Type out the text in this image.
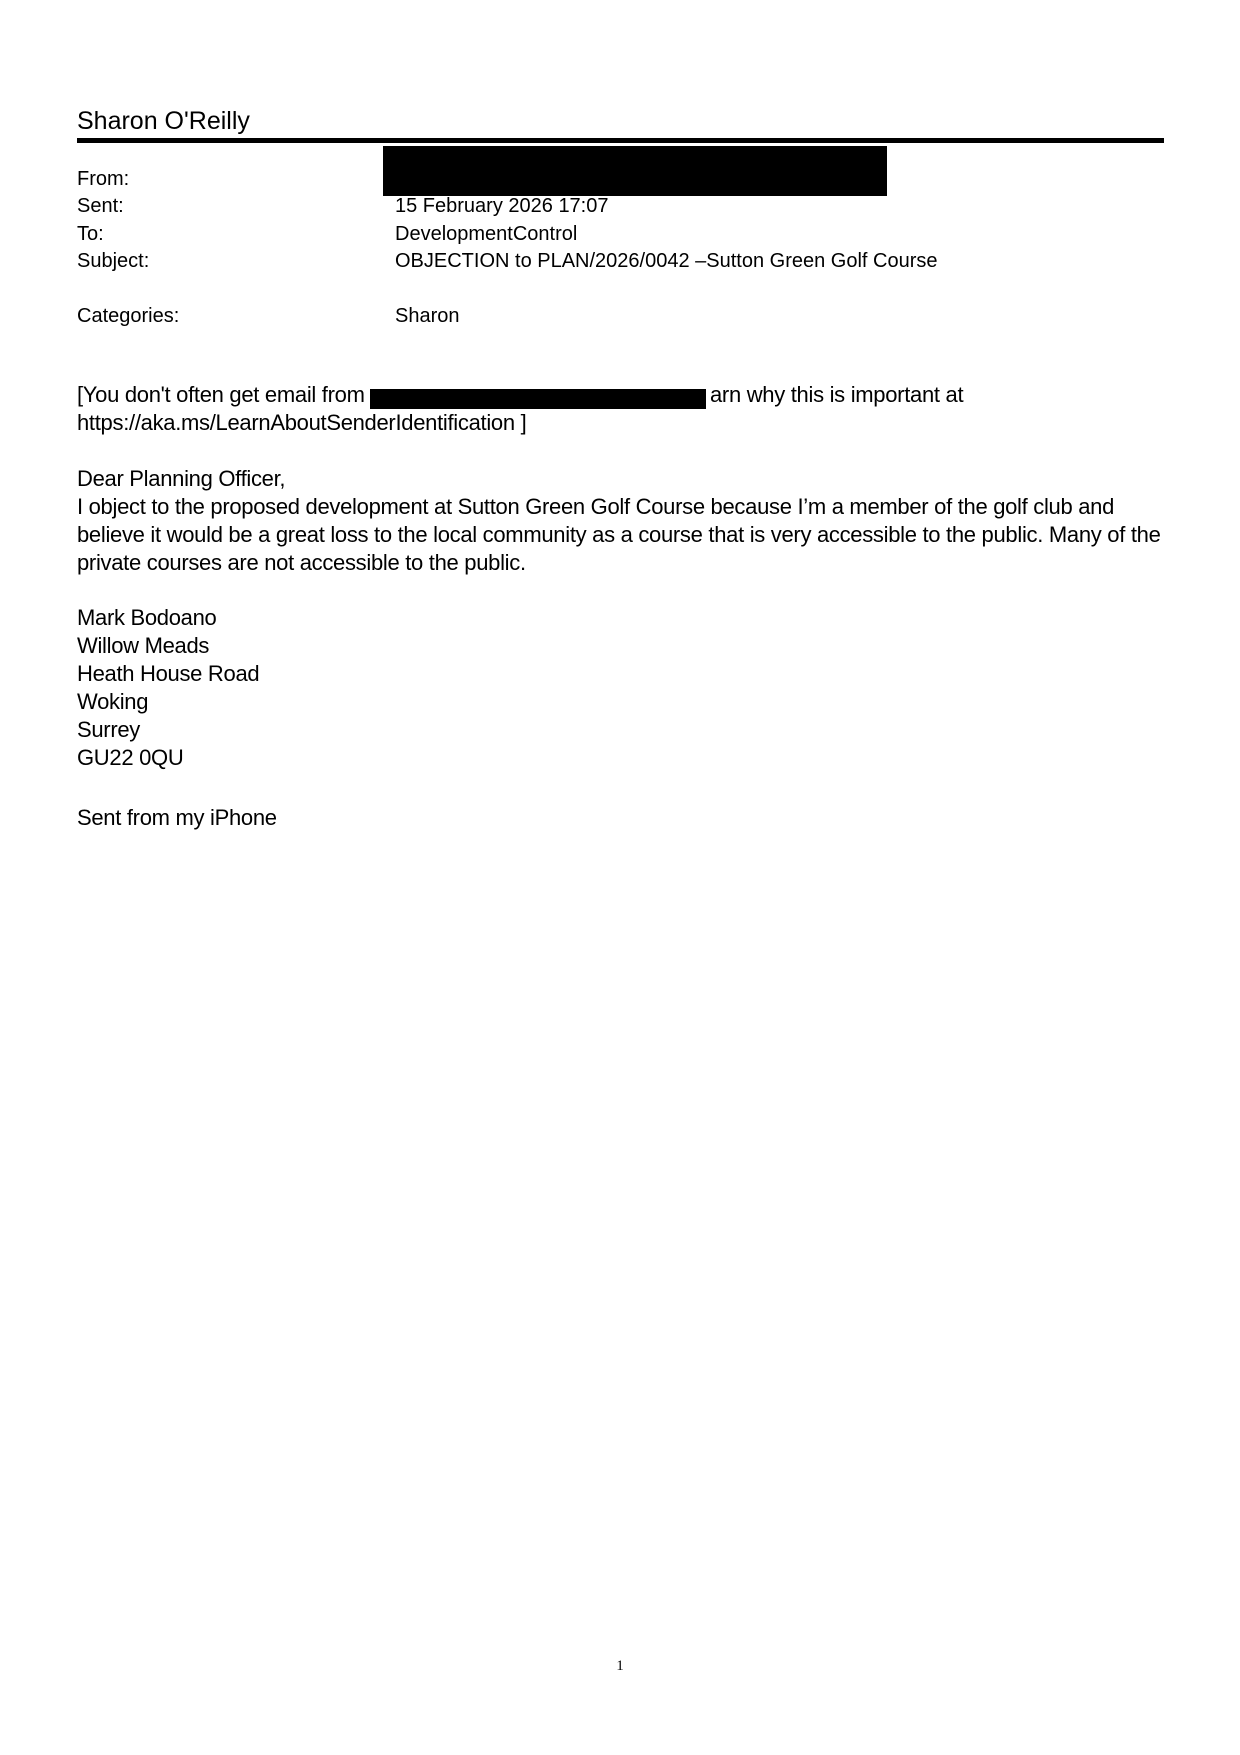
Sharon O'Reilly
From:
Sent:	15 February 2026 17:07
To:	DevelopmentControl
Subject:	OBJECTION to PLAN/2026/0042 –Sutton Green Golf Course
Categories:	Sharon
[You don't often get email from	arn why this is important at
https://aka.ms/LearnAboutSenderIdentification ]
Dear Planning Officer,
I object to the proposed development at Sutton Green Golf Course because I’m a member of the golf club and believe it would be a great loss to the local community as a course that is very accessible to the public. Many of the private courses are not accessible to the public.
Mark Bodoano
Willow Meads
Heath House Road
Woking
Surrey
GU22 0QU
Sent from my iPhone
1
